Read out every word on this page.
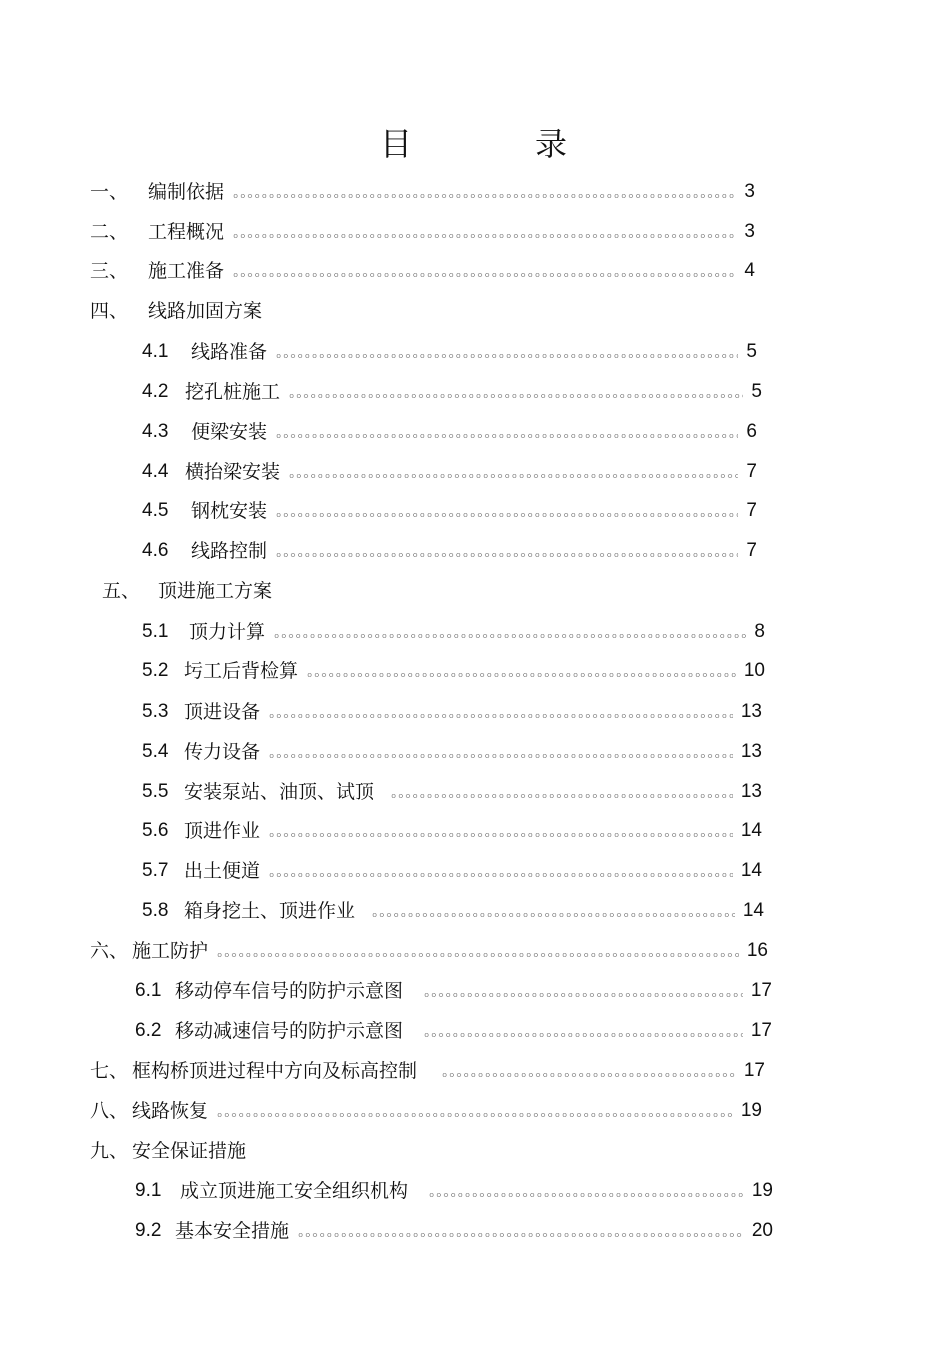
目	录
一、	编制依据	3
二、	工程概况	3
三、	施工准备	4
四、	线路加固方案
4.1	线路准备	5
4.2 挖孔桩施工	5
4.3	便梁安装	6
4.4 横抬梁安装	7
4.5	钢枕安装	7
4.6	线路控制	7
五、 顶进施工方案
5.1	顶力计算	8
5.2 圬工后背检算	10
5.3 顶进设备	13
5.4 传力设备	13
5.5 安装泵站、油顶、试顶	13
5.6 顶进作业	14
5.7 出土便道	14
5.8 箱身挖土、顶进作业	14
六、 施工防护	16
6.1 移动停车信号的防护示意图	17
6.2 移动减速信号的防护示意图	17
七、 框构桥顶进过程中方向及标高控制	17
八、 线路恢复	19
九、 安全保证措施
9.1 成立顶进施工安全组织机构	19
9.2 基本安全措施	20
